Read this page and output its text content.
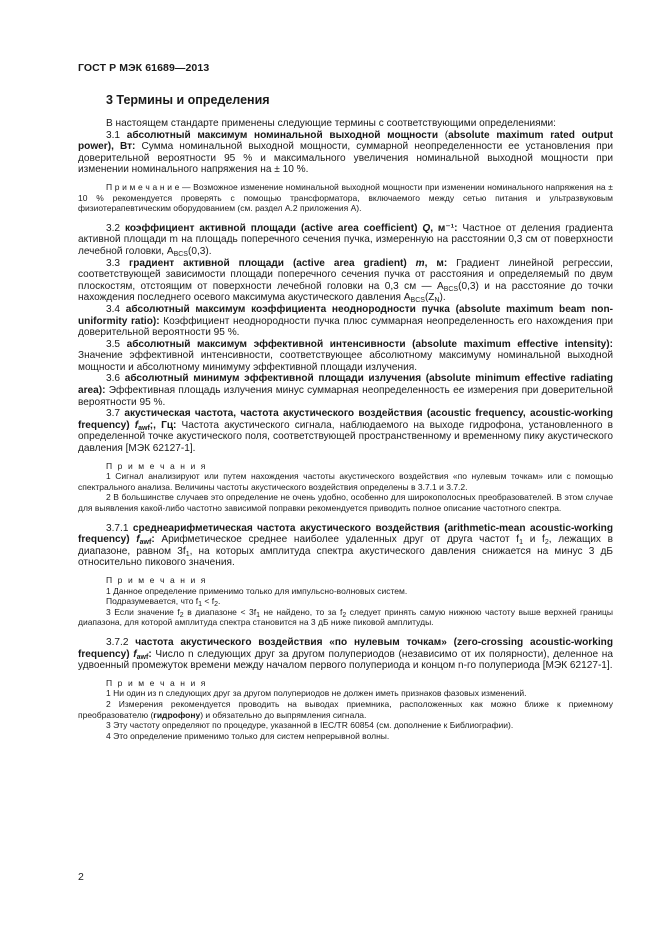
ГОСТ Р МЭК 61689—2013
3 Термины и определения

В настоящем стандарте применены следующие термины с соответствующими определениями:

3.1 абсолютный максимум номинальной выходной мощности (absolute maximum rated output power), Вт: Сумма номинальной выходной мощности, суммарной неопределенности ее установления при доверительной вероятности 95 % и максимального увеличения номинальной выходной мощности при изменении номинального напряжения на ± 10 %.

П р и м е ч а н и е — Возможное изменение номинальной выходной мощности при изменении номинального напряжения на ± 10 % рекомендуется проверять с помощью трансформатора, включаемого между сетью питания и ультразвуковым физиотерапевтическим оборудованием (см. раздел А.2 приложения А).

3.2 коэффициент активной площади (active area coefficient) Q, м⁻¹: Частное от деления градиента активной площади m на площадь поперечного сечения пучка, измеренную на расстоянии 0,3 см от поверхности лечебной головки, $A_{BCS}(0,3)$.

3.3 градиент активной площади (active area gradient) m, м: Градиент линейной регрессии, соответствующей зависимости площади поперечного сечения пучка от расстояния и определяемый по двум плоскостям, отстоящим от поверхности лечебной головки на 0,3 см — $A_{BCS}(0,3)$ и на расстояние до точки нахождения последнего осевого максимума акустического давления $A_{BCS}(Z_N)$.

3.4 абсолютный максимум коэффициента неоднородности пучка (absolute maximum beam non-uniformity ratio): Коэффициент неоднородности пучка плюс суммарная неопределенность его нахождения при доверительной вероятности 95 %.

3.5 абсолютный максимум эффективной интенсивности (absolute maximum effective intensity): Значение эффективной интенсивности, соответствующее абсолютному максимуму номинальной выходной мощности и абсолютному минимуму эффективной площади излучения.

3.6 абсолютный минимум эффективной площади излучения (absolute minimum effective radiating area): Эффективная площадь излучения минус суммарная неопределенность ее измерения при доверительной вероятности 95 %.

3.7 акустическая частота, частота акустического воздействия (acoustic frequency, acoustic-working frequency) $f_{awf}$;, Гц: Частота акустического сигнала, наблюдаемого на выходе гидрофона, установленного в определенной точке акустического поля, соответствующей пространственному и временному пику акустического давления [МЭК 62127-1].

П р и м е ч а н и я

1 Сигнал анализируют или путем нахождения частоты акустического воздействия «по нулевым точкам» или с помощью спектрального анализа. Величины частоты акустического воздействия определены в 3.7.1 и 3.7.2.

2 В большинстве случаев это определение не очень удобно, особенно для широкополосных преобразователей. В этом случае для выявления какой-либо частотно зависимой поправки рекомендуется приводить полное описание частотного спектра.

3.7.1 среднеарифметическая частота акустического воздействия (arithmetic-mean acoustic-working frequency) $f_{awf}$: Арифметическое среднее наиболее удаленных друг от друга частот $f_1$ и $f_2$, лежащих в диапазоне, равном $3f_1$, на которых амплитуда спектра акустического давления снижается на минус 3 дБ относительно пикового значения.

П р и м е ч а н и я

1 Данное определение применимо только для импульсно-волновых систем.

Подразумевается, что $f_1 < f_2$.

3 Если значение $f_2$ в диапазоне < $3f_1$ не найдено, то за $f_2$ следует принять самую нижнюю частоту выше верхней границы диапазона, для которой амплитуда спектра становится на 3 дБ ниже пиковой амплитуды.

3.7.2 частота акустического воздействия «по нулевым точкам» (zero-crossing acoustic-working frequency) $f_{awf}$: Число n следующих друг за другом полупериодов (независимо от их полярности), деленное на удвоенный промежуток времени между началом первого полупериода и концом n-го полупериода [МЭК 62127-1].

П р и м е ч а н и я

1 Ни один из n следующих друг за другом полупериодов не должен иметь признаков фазовых изменений.

2 Измерения рекомендуется проводить на выводах приемника, расположенных как можно ближе к приемному преобразователю (гидрофону) и обязательно до выпрямления сигнала.

3 Эту частоту определяют по процедуре, указанной в IEC/TR 60854 (см. дополнение к Библиографии).

4 Это определение применимо только для систем непрерывной волны.

2
